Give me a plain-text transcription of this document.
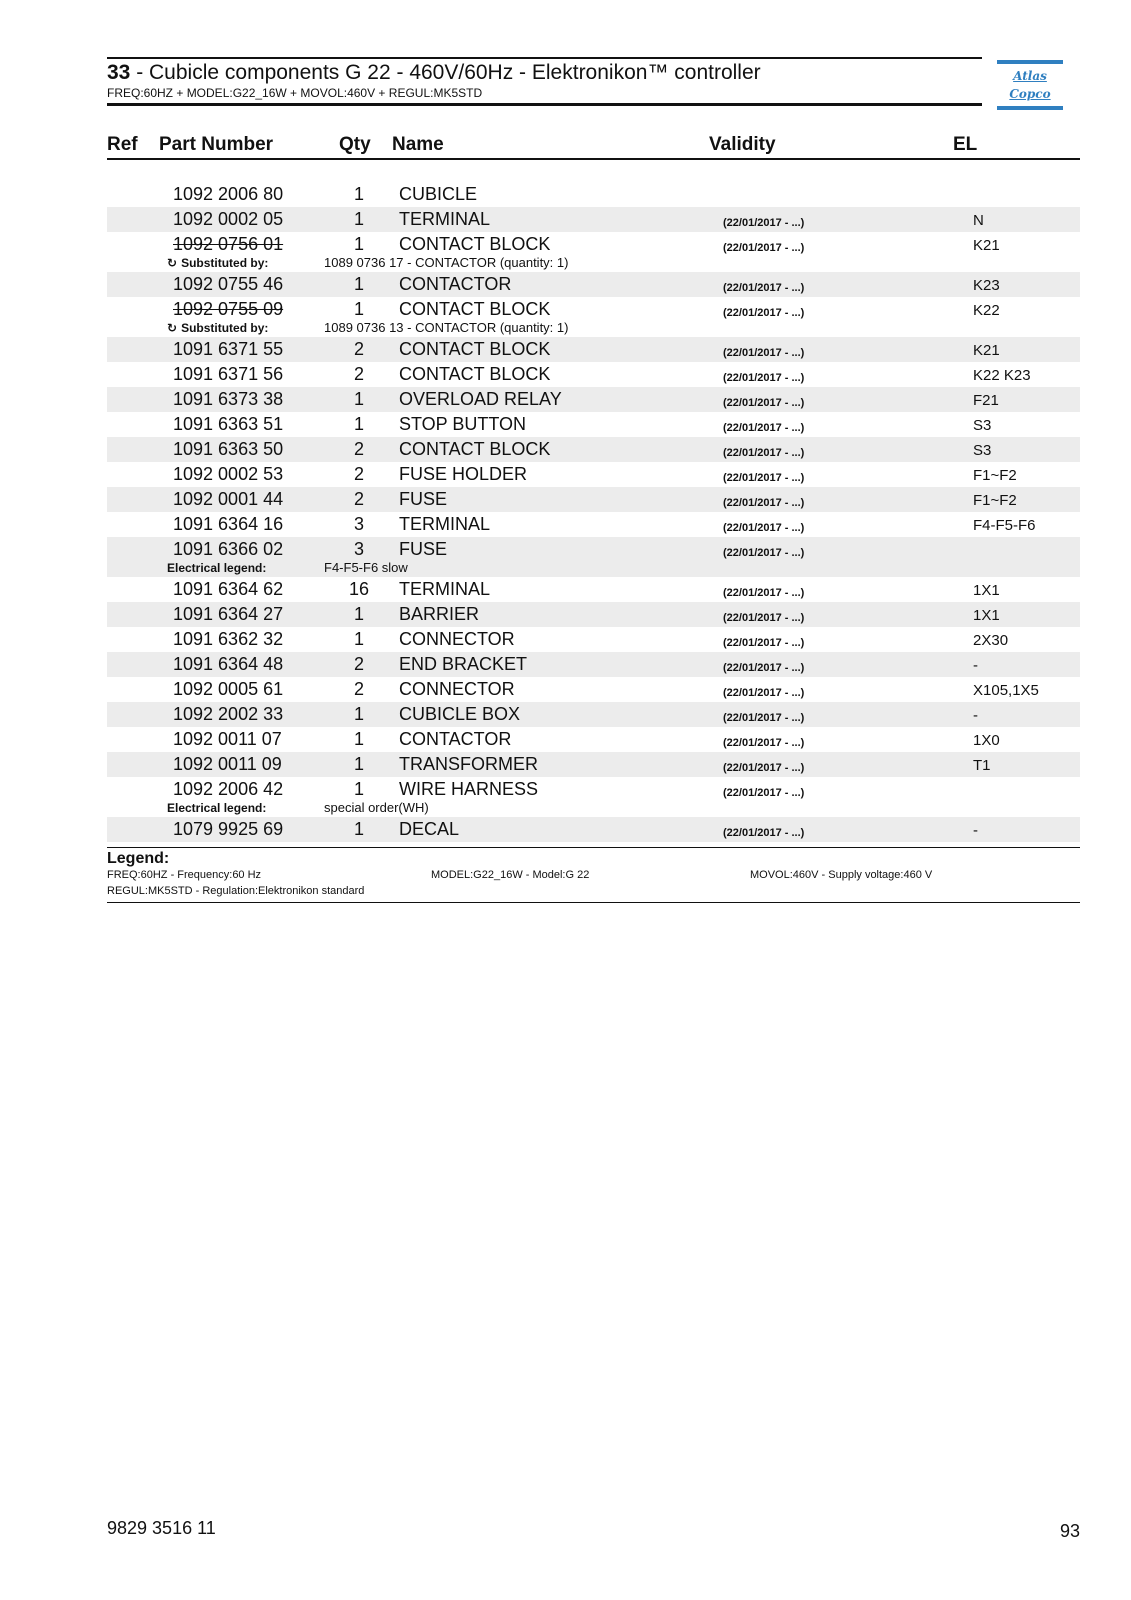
33 - Cubicle components G 22 - 460V/60Hz - Elektronikon™ controller
FREQ:60HZ + MODEL:G22_16W + MOVOL:460V + REGUL:MK5STD
Atlas Copco
Ref Part Number	Qty Name	Validity	EL
1092 2006 80	1	CUBICLE
1092 0002 05	1	TERMINAL	(22/01/2017 - ...)	N
1092 0756 01	1	CONTACT BLOCK	(22/01/2017 - ...)	K21
↻ Substituted by:	1089 0736 17 - CONTACTOR (quantity: 1)
1092 0755 46	1	CONTACTOR	(22/01/2017 - ...)	K23
1092 0755 09	1	CONTACT BLOCK	(22/01/2017 - ...)	K22
↻ Substituted by:	1089 0736 13 - CONTACTOR (quantity: 1)
1091 6371 55	2	CONTACT BLOCK	(22/01/2017 - ...)	K21
1091 6371 56	2	CONTACT BLOCK	(22/01/2017 - ...)	K22 K23
1091 6373 38	1	OVERLOAD RELAY	(22/01/2017 - ...)	F21
1091 6363 51	1	STOP BUTTON	(22/01/2017 - ...)	S3
1091 6363 50	2	CONTACT BLOCK	(22/01/2017 - ...)	S3
1092 0002 53	2	FUSE HOLDER	(22/01/2017 - ...)	F1~F2
1092 0001 44	2	FUSE	(22/01/2017 - ...)	F1~F2
1091 6364 16	3	TERMINAL	(22/01/2017 - ...)	F4-F5-F6
1091 6366 02	3	FUSE	(22/01/2017 - ...)
Electrical legend:	F4-F5-F6 slow
1091 6364 62	16 TERMINAL	(22/01/2017 - ...)	1X1
1091 6364 27	1	BARRIER	(22/01/2017 - ...)	1X1
1091 6362 32	1	CONNECTOR	(22/01/2017 - ...)	2X30
1091 6364 48	2	END BRACKET	(22/01/2017 - ...)	-
1092 0005 61	2	CONNECTOR	(22/01/2017 - ...)	X105,1X5
1092 2002 33	1	CUBICLE BOX	(22/01/2017 - ...)	-
1092 0011 07	1	CONTACTOR	(22/01/2017 - ...)	1X0
1092 0011 09	1	TRANSFORMER	(22/01/2017 - ...)	T1
1092 2006 42	1	WIRE HARNESS	(22/01/2017 - ...)
Electrical legend:	special order(WH)
1079 9925 69	1	DECAL	(22/01/2017 - ...)	-
Legend:
FREQ:60HZ - Frequency:60 Hz	MODEL:G22_16W - Model:G 22	MOVOL:460V - Supply voltage:460 V
REGUL:MK5STD - Regulation:Elektronikon standard
9829 3516 11	93
